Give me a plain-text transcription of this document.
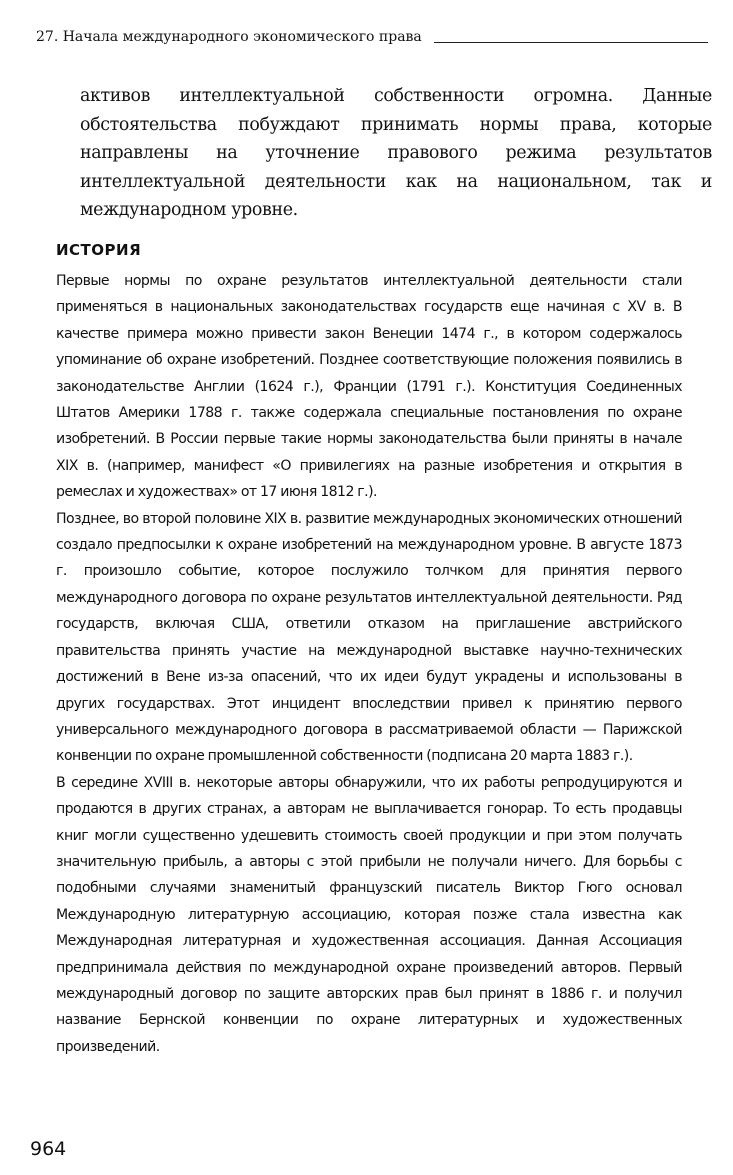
27. Начала международного экономического права

активов интеллектуальной собственности огромна. Данные обстоятельства побуждают принимать нормы права, которые направлены на уточнение правового режима результатов интеллектуальной деятельности как на национальном, так и международном уровне.

ИСТОРИЯ

Первые нормы по охране результатов интеллектуальной деятельности стали применяться в национальных законодательствах государств еще начиная с XV в. В качестве примера можно привести закон Венеции 1474 г., в котором содержалось упоминание об охране изобретений. Позднее соответствующие положения появились в законодательстве Англии (1624 г.), Франции (1791 г.). Конституция Соединенных Штатов Америки 1788 г. также содержала специальные постановления по охране изобретений. В России первые такие нормы законодательства были приняты в начале XIX в. (например, манифест «О привилегиях на разные изобретения и открытия в ремеслах и художествах» от 17 июня 1812 г.).

Позднее, во второй половине XIX в. развитие международных экономических отношений создало предпосылки к охране изобретений на международном уровне. В августе 1873 г. произошло событие, которое послужило толчком для принятия первого международного договора по охране результатов интеллектуальной деятельности. Ряд государств, включая США, ответили отказом на приглашение австрийского правительства принять участие на международной выставке научно-технических достижений в Вене из-за опасений, что их идеи будут украдены и использованы в других государствах. Этот инцидент впоследствии привел к принятию первого универсального международного договора в рассматриваемой области — Парижской конвенции по охране промышленной собственности (подписана 20 марта 1883 г.).

В середине XVIII в. некоторые авторы обнаружили, что их работы репродуцируются и продаются в других странах, а авторам не выплачивается гонорар. То есть продавцы книг могли существенно удешевить стоимость своей продукции и при этом получать значительную прибыль, а авторы с этой прибыли не получали ничего. Для борьбы с подобными случаями знаменитый французский писатель Виктор Гюго основал Международную литературную ассоциацию, которая позже стала известна как Международная литературная и художественная ассоциация. Данная Ассоциация предпринимала действия по международной охране произведений авторов. Первый международный договор по защите авторских прав был принят в 1886 г. и получил название Бернской конвенции по охране литературных и художественных произведений.

964
